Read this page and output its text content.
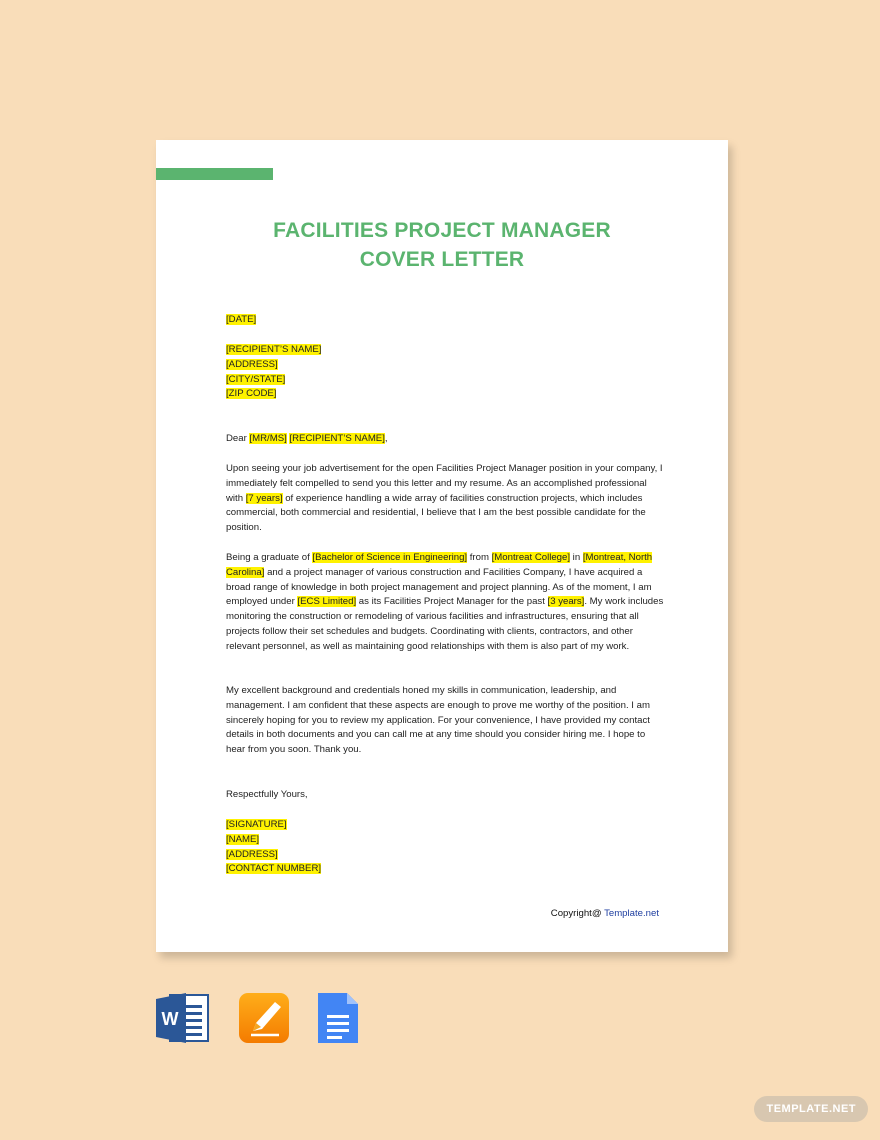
FACILITIES PROJECT MANAGER
COVER LETTER
[DATE]
[RECIPIENT’S NAME]
[ADDRESS]
[CITY/STATE]
[ZIP CODE]
Dear [MR/MS] [RECIPIENT’S NAME],
Upon seeing your job advertisement for the open Facilities Project Manager position in your company, I immediately felt compelled to send you this letter and my resume. As an accomplished professional with [7 years] of experience handling a wide array of facilities construction projects, which includes commercial, both commercial and residential, I believe that I am the best possible candidate for the position.
Being a graduate of [Bachelor of Science in Engineering] from [Montreat College] in [Montreat, North Carolina] and a project manager of various construction and Facilities Company, I have acquired a broad range of knowledge in both project management and project planning. As of the moment, I am employed under [ECS Limited] as its Facilities Project Manager for the past [3 years]. My work includes monitoring the construction or remodeling of various facilities and infrastructures, ensuring that all projects follow their set schedules and budgets. Coordinating with clients, contractors, and other relevant personnel, as well as maintaining good relationships with them is also part of my work.
My excellent background and credentials honed my skills in communication, leadership, and management. I am confident that these aspects are enough to prove me worthy of the position. I am sincerely hoping for you to review my application. For your convenience, I have provided my contact details in both documents and you can call me at any time should you consider hiring me. I hope to hear from you soon. Thank you.
Respectfully Yours,
[SIGNATURE]
[NAME]
[ADDRESS]
[CONTACT NUMBER]
Copyright@ Template.net
W
TEMPLATE.NET
